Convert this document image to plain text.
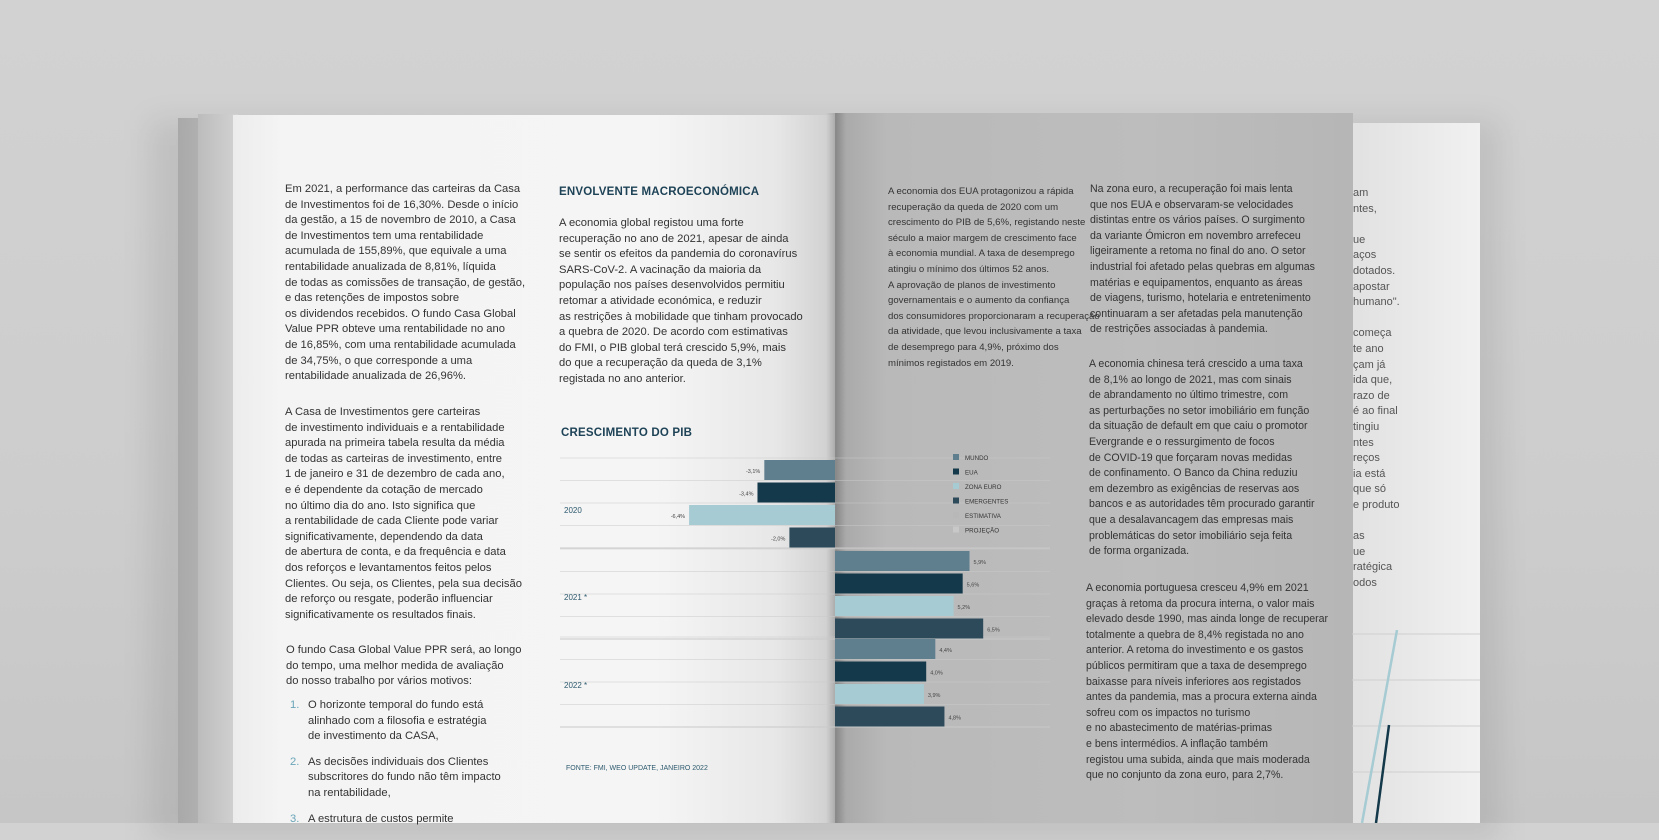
am
ntes,
ue
aços
dotados.
apostar
humano".
começa
te ano
çam já
ida que,
razo de
é ao final
tingiu
ntes
reços
ia está
que só
e produto
as
ue
ratégica
odos
Em 2021, a performance das carteiras da Casa
de Investimentos foi de 16,30%. Desde o início
da gestão, a 15 de novembro de 2010, a Casa
de Investimentos tem uma rentabilidade
acumulada de 155,89%, que equivale a uma
rentabilidade anualizada de 8,81%, líquida
de todas as comissões de transação, de gestão,
e das retenções de impostos sobre
os dividendos recebidos. O fundo Casa Global
Value PPR obteve uma rentabilidade no ano
de 16,85%, com uma rentabilidade acumulada
de 34,75%, o que corresponde a uma
rentabilidade anualizada de 26,96%.
A Casa de Investimentos gere carteiras
de investimento individuais e a rentabilidade
apurada na primeira tabela resulta da média
de todas as carteiras de investimento, entre
1 de janeiro e 31 de dezembro de cada ano,
e é dependente da cotação de mercado
no último dia do ano. Isto significa que
a rentabilidade de cada Cliente pode variar
significativamente, dependendo da data
de abertura de conta, e da frequência e data
dos reforços e levantamentos feitos pelos
Clientes. Ou seja, os Clientes, pela sua decisão
de reforço ou resgate, poderão influenciar
significativamente os resultados finais.
O fundo Casa Global Value PPR será, ao longo
do tempo, uma melhor medida de avaliação
do nosso trabalho por vários motivos:
1. O horizonte temporal do fundo está
alinhado com a filosofia e estratégia
de investimento da CASA,
2. As decisões individuais dos Clientes
subscritores do fundo não têm impacto
na rentabilidade,
3. A estrutura de custos permite
ENVOLVENTE MACROECONÓMICA
A economia global registou uma forte
recuperação no ano de 2021, apesar de ainda
se sentir os efeitos da pandemia do coronavírus
SARS-CoV-2. A vacinação da maioria da
população nos países desenvolvidos permitiu
retomar a atividade económica, e reduzir
as restrições à mobilidade que tinham provocado
a quebra de 2020. De acordo com estimativas
do FMI, o PIB global terá crescido 5,9%, mais
do que a recuperação da queda de 3,1%
registada no ano anterior.
CRESCIMENTO DO PIB
FONTE: FMI, WEO UPDATE, JANEIRO 2022
2020
-3,1%
-3,4%
-6,4%
-2,0%
2021 *
5,9%
5,6%
5,2%
6,5%
2022 *
4,4%
4,0%
3,9%
4,8%
MUNDO
EUA
ZONA EURO
EMERGENTES
ESTIMATIVA
PROJEÇÃO
A economia dos EUA protagonizou a rápida
recuperação da queda de 2020 com um
crescimento do PIB de 5,6%, registando neste
século a maior margem de crescimento face
à economia mundial. A taxa de desemprego
atingiu o mínimo dos últimos 52 anos.
A aprovação de planos de investimento
governamentais e o aumento da confiança
dos consumidores proporcionaram a recuperação
da atividade, que levou inclusivamente a taxa
de desemprego para 4,9%, próximo dos
mínimos registados em 2019.
Na zona euro, a recuperação foi mais lenta
que nos EUA e observaram-se velocidades
distintas entre os vários países. O surgimento
da variante Ómicron em novembro arrefeceu
ligeiramente a retoma no final do ano. O setor
industrial foi afetado pelas quebras em algumas
matérias e equipamentos, enquanto as áreas
de viagens, turismo, hotelaria e entretenimento
continuaram a ser afetadas pela manutenção
de restrições associadas à pandemia.
A economia chinesa terá crescido a uma taxa
de 8,1% ao longo de 2021, mas com sinais
de abrandamento no último trimestre, com
as perturbações no setor imobiliário em função
da situação de default em que caiu o promotor
Evergrande e o ressurgimento de focos
de COVID-19 que forçaram novas medidas
de confinamento. O Banco da China reduziu
em dezembro as exigências de reservas aos
bancos e as autoridades têm procurado garantir
que a desalavancagem das empresas mais
problemáticas do setor imobiliário seja feita
de forma organizada.
A economia portuguesa cresceu 4,9% em 2021
graças à retoma da procura interna, o valor mais
elevado desde 1990, mas ainda longe de recuperar
totalmente a quebra de 8,4% registada no ano
anterior. A retoma do investimento e os gastos
públicos permitiram que a taxa de desemprego
baixasse para níveis inferiores aos registados
antes da pandemia, mas a procura externa ainda
sofreu com os impactos no turismo
e no abastecimento de matérias-primas
e bens intermédios. A inflação também
registou uma subida, ainda que mais moderada
que no conjunto da zona euro, para 2,7%.
